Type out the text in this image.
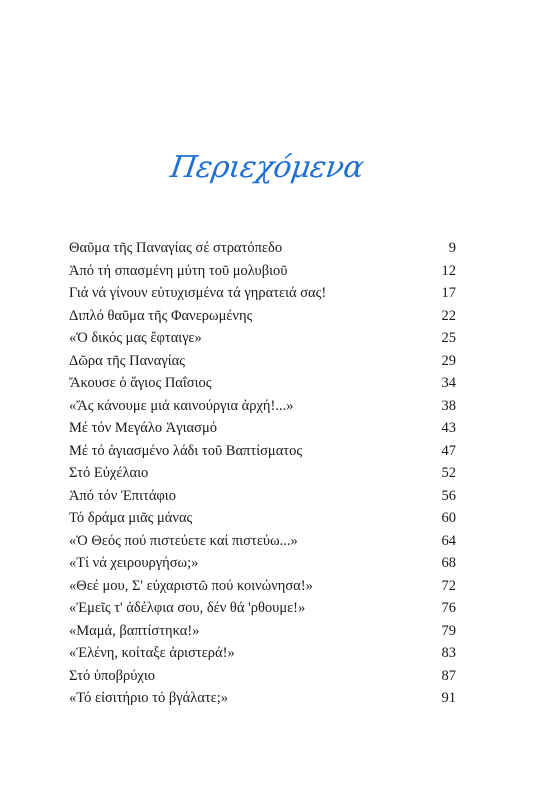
Περιεχόμενα
Θαῦμα τῆς Παναγίας σέ στρατόπεδο	9
Ἀπό τή σπασμένη μύτη τοῦ μολυβιοῦ	12
Γιά νά γίνουν εὐτυχισμένα τά γηρατειά σας!	17
Διπλό θαῦμα τῆς Φανερωμένης	22
«Ὁ δικός μας ἔφταιγε»	25
Δῶρα τῆς Παναγίας	29
Ἄκουσε ὁ ἅγιος Παΐσιος	34
«Ἄς κάνουμε μιά καινούργια ἀρχή!...»	38
Μέ τόν Μεγάλο Ἁγιασμό	43
Μέ τό ἁγιασμένο λάδι τοῦ Βαπτίσματος	47
Στό Εὐχέλαιο	52
Ἀπό τόν Ἐπιτάφιο	56
Τό δράμα μιᾶς μάνας	60
«Ὁ Θεός πού πιστεύετε καί πιστεύω...»	64
«Τί νά χειρουργήσω;»	68
«Θεέ μου, Σ' εὐχαριστῶ πού κοινώνησα!»	72
«Ἐμεῖς τ' ἀδέλφια σου, δέν θά 'ρθουμε!»	76
«Μαμά, βαπτίστηκα!»	79
«Ἑλένη, κοίταξε ἀριστερά!»	83
Στό ὑποβρύχιο	87
«Τό εἰσιτήριο τό βγάλατε;»	91
